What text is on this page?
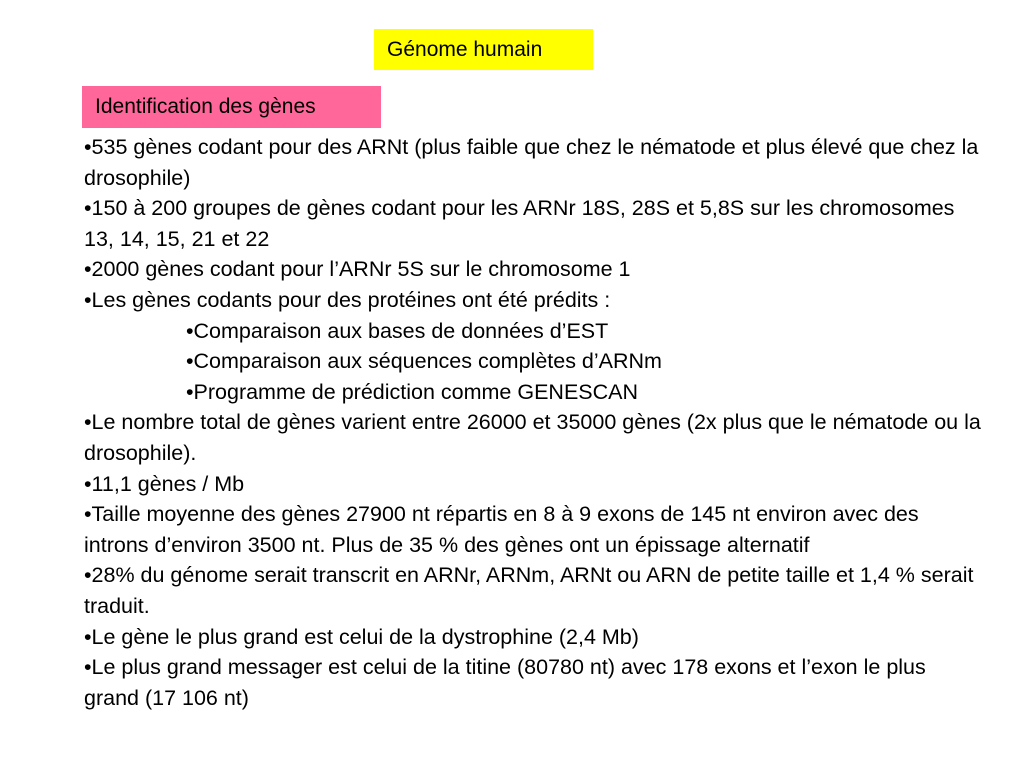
Génome humain
Identification des gènes

•535 gènes codant pour des ARNt (plus faible que chez le nématode et plus élevé que chez la drosophile)

•150 à 200 groupes de gènes codant pour les ARNr 18S, 28S et 5,8S sur les chromosomes 13, 14, 15, 21 et 22

•2000 gènes codant pour l’ARNr 5S sur le chromosome 1

•Les gènes codants pour des protéines ont été prédits :

•Comparaison aux bases de données d’EST

•Comparaison aux séquences complètes d’ARNm

•Programme de prédiction comme GENESCAN

•Le nombre total de gènes varient entre 26000 et 35000 gènes (2x plus que le nématode ou la drosophile).

•11,1 gènes / Mb

•Taille moyenne des gènes 27900 nt répartis en 8 à 9 exons de 145 nt environ avec des introns d’environ 3500 nt. Plus de 35 % des gènes ont un épissage alternatif

•28% du génome serait transcrit en ARNr, ARNm, ARNt ou ARN de petite taille et 1,4 % serait traduit.

•Le gène le plus grand est celui de la dystrophine (2,4 Mb)

•Le plus grand messager est celui de la titine (80780 nt) avec 178 exons et l’exon le plus grand (17 106 nt)
